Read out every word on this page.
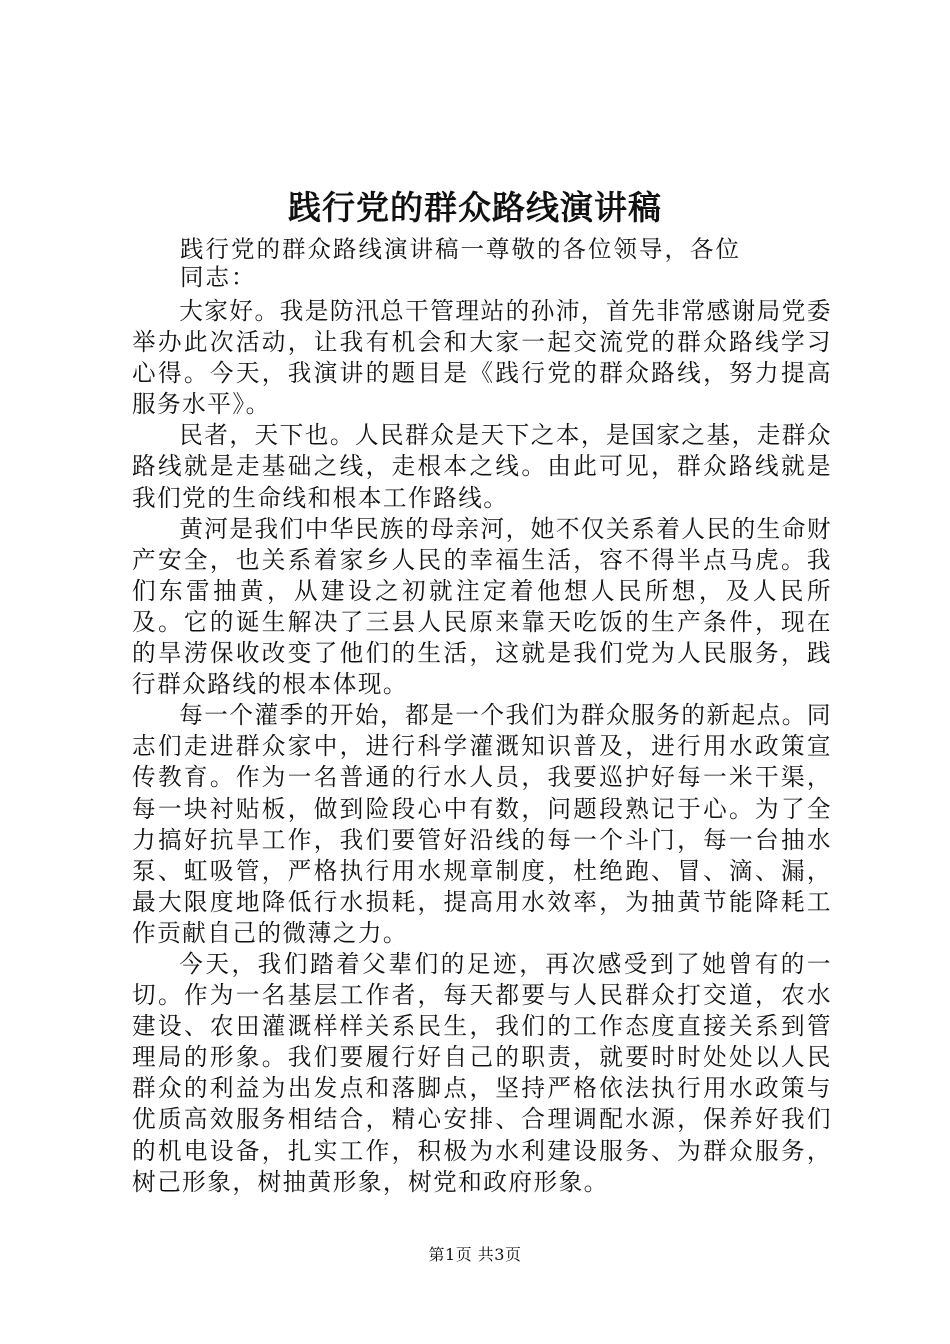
践行党的群众路线演讲稿
践行党的群众路线演讲稿一尊敬的各位领导，各位
同志：

大家好。我是防汛总干管理站的孙沛，首先非常感谢局党委举办此次活动，让我有机会和大家一起交流党的群众路线学习心得。今天，我演讲的题目是《践行党的群众路线，努力提高服务水平》。

民者，天下也。人民群众是天下之本，是国家之基，走群众路线就是走基础之线，走根本之线。由此可见，群众路线就是我们党的生命线和根本工作路线。

黄河是我们中华民族的母亲河，她不仅关系着人民的生命财产安全，也关系着家乡人民的幸福生活，容不得半点马虎。我们东雷抽黄，从建设之初就注定着他想人民所想，及人民所及。它的诞生解决了三县人民原来靠天吃饭的生产条件，现在的旱涝保收改变了他们的生活，这就是我们党为人民服务，践行群众路线的根本体现。

每一个灌季的开始，都是一个我们为群众服务的新起点。同志们走进群众家中，进行科学灌溉知识普及，进行用水政策宣传教育。作为一名普通的行水人员，我要巡护好每一米干渠，每一块衬贴板，做到险段心中有数，问题段熟记于心。为了全力搞好抗旱工作，我们要管好沿线的每一个斗门，每一台抽水泵、虹吸管，严格执行用水规章制度，杜绝跑、冒、滴、漏，最大限度地降低行水损耗，提高用水效率，为抽黄节能降耗工作贡献自己的微薄之力。

今天，我们踏着父辈们的足迹，再次感受到了她曾有的一切。作为一名基层工作者，每天都要与人民群众打交道，农水建设、农田灌溉样样关系民生，我们的工作态度直接关系到管理局的形象。我们要履行好自己的职责，就要时时处处以人民群众的利益为出发点和落脚点，坚持严格依法执行用水政策与优质高效服务相结合，精心安排、合理调配水源，保养好我们的机电设备，扎实工作，积极为水利建设服务、为群众服务，树己形象，树抽黄形象，树党和政府形象。

第1页 共3页
